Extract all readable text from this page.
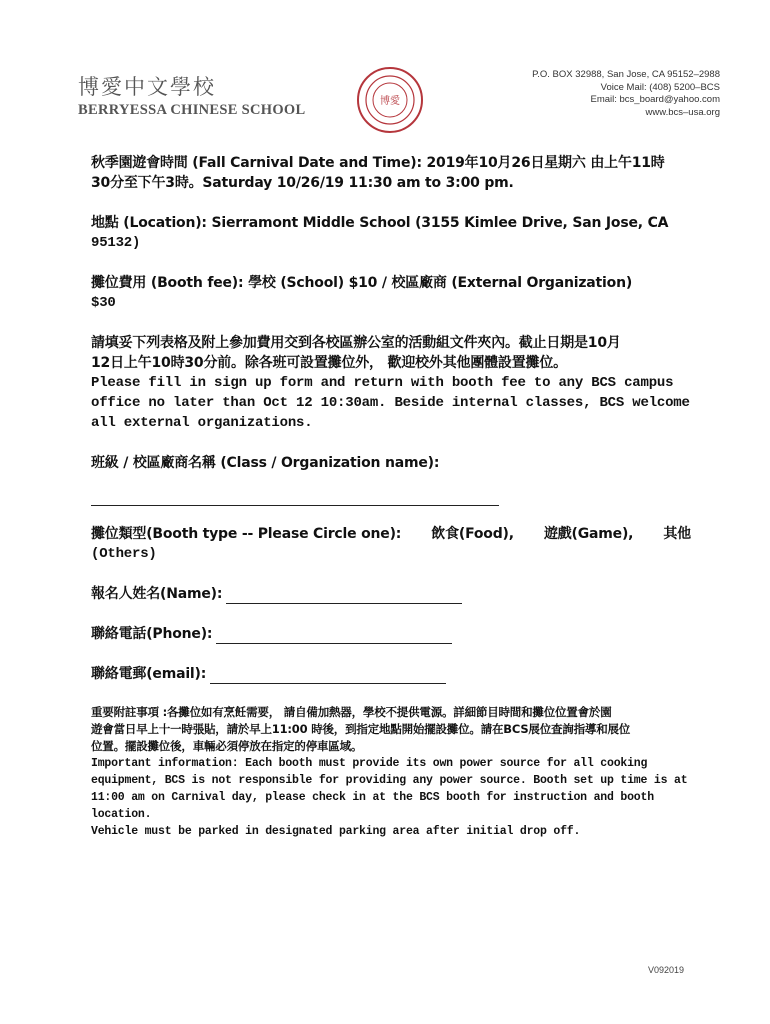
博愛中文學校
BERRYESSA CHINESE SCHOOL
博愛
P.O. BOX 32988, San Jose, CA 95152–2988
Voice Mail: (408) 5200–BCS
Email: bcs_board@yahoo.com
www.bcs–usa.org

秋季園遊會時間 (Fall Carnival Date and Time): 2019年10月26日星期六 由上午11時

30分至下午3時。Saturday 10/26/19 11:30 am to 3:00 pm.

地點 (Location): Sierramont Middle School (3155 Kimlee Drive, San Jose, CA

95132)

攤位費用 (Booth fee): 學校 (School) $10 / 校區廠商 (External Organization)

$30

請填妥下列表格及附上參加費用交到各校區辦公室的活動組文件夾內。截止日期是10月

12日上午10時30分前。除各班可設置攤位外， 歡迎校外其他團體設置攤位。

Please fill in sign up form and return with booth fee to any BCS campus

office no later than Oct 12 10:30am. Beside internal classes, BCS welcome

all external organizations.

班級 / 校區廠商名稱 (Class / Organization name):

攤位類型(Booth type -- Please Circle one): 飲食(Food), 遊戲(Game), 其他

(Others)

報名人姓名(Name):

聯絡電話(Phone):

聯絡電郵(email):

重要附註事項 :各攤位如有烹飪需要， 請自備加熱器，學校不提供電源。詳細節目時間和攤位位置會於園

遊會當日早上十一時張貼，請於早上11:00 時後，到指定地點開始擺設攤位。請在BCS展位查詢指導和展位

位置。擺設攤位後，車輛必須停放在指定的停車區域。

Important information: Each booth must provide its own power source for all cooking

equipment, BCS is not responsible for providing any power source. Booth set up time is at

11:00 am on Carnival day, please check in at the BCS booth for instruction and booth location.

Vehicle must be parked in designated parking area after initial drop off.

V092019
